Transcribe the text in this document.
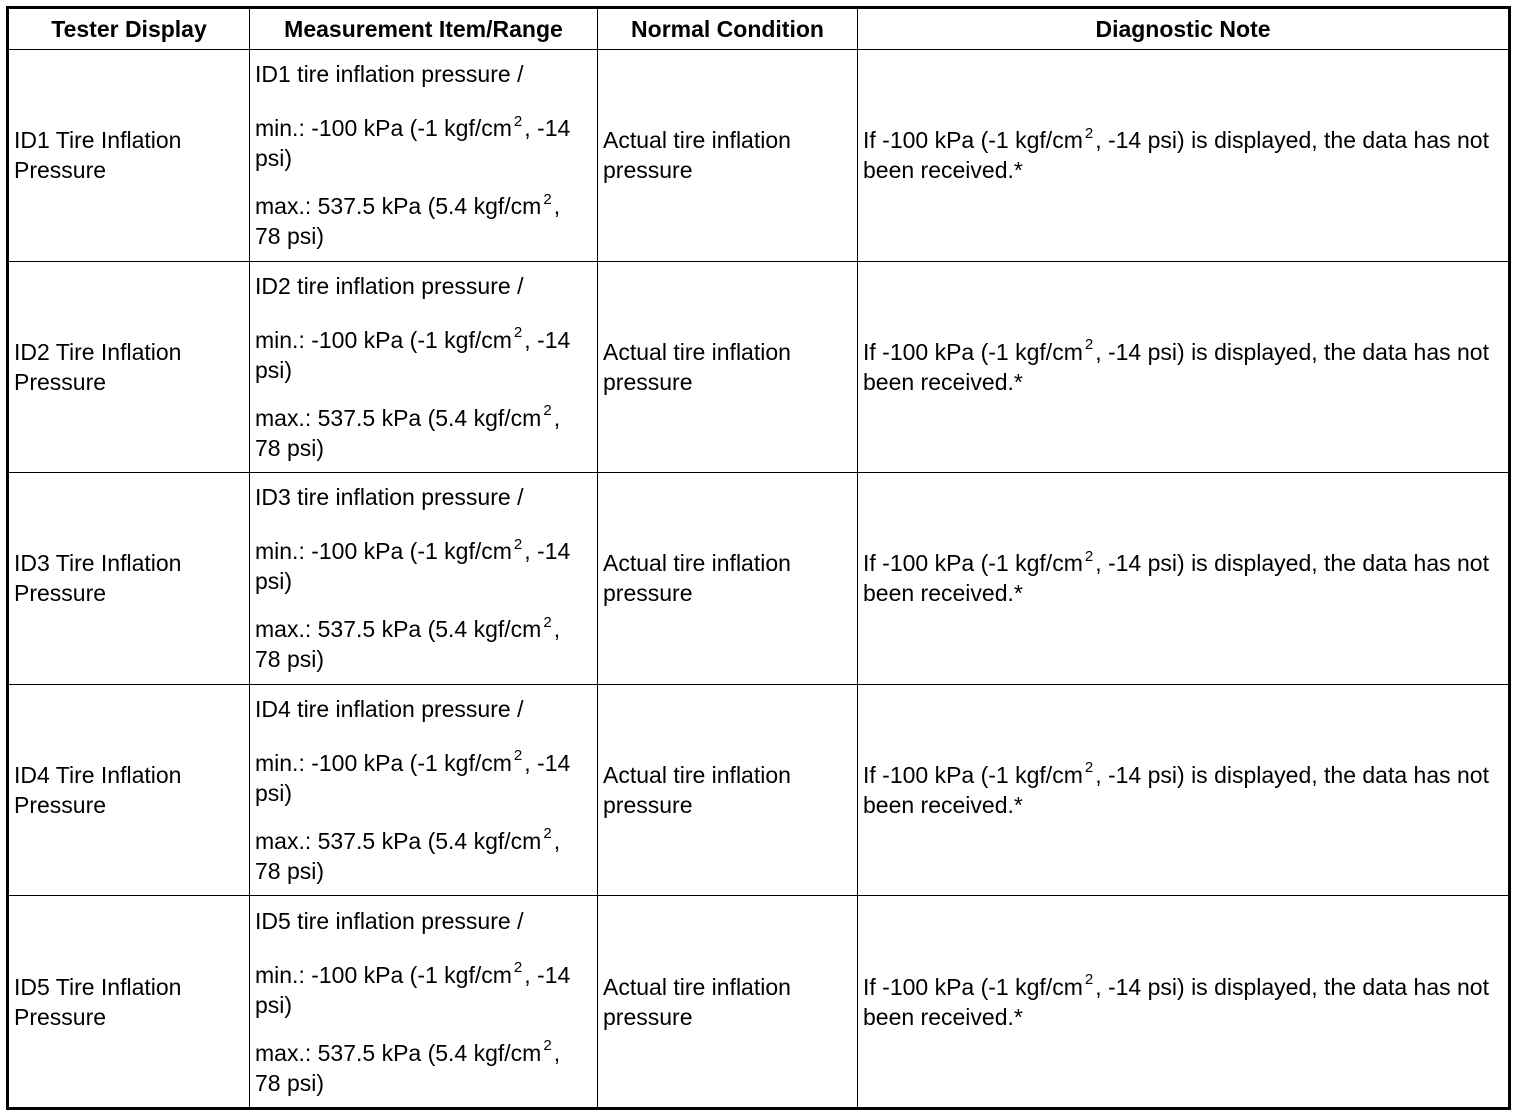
Tester Display	Measurement Item/Range	Normal Condition	Diagnostic Note
ID1 Tire Inflation Pressure	ID1 tire inflation pressure /

min.: -100 kPa (-1 kgf/cm $^2$, -14 psi)

max.: 537.5 kPa (5.4 kgf/cm $^2$, 78 psi)	Actual tire inflation pressure	If -100 kPa (-1 kgf/cm $^2$, -14 psi) is displayed, the data has not been received.*
ID2 Tire Inflation Pressure	ID2 tire inflation pressure /

min.: -100 kPa (-1 kgf/cm $^2$, -14 psi)

max.: 537.5 kPa (5.4 kgf/cm $^2$, 78 psi)	Actual tire inflation pressure	If -100 kPa (-1 kgf/cm $^2$, -14 psi) is displayed, the data has not been received.*
ID3 Tire Inflation Pressure	ID3 tire inflation pressure /

min.: -100 kPa (-1 kgf/cm $^2$, -14 psi)

max.: 537.5 kPa (5.4 kgf/cm $^2$, 78 psi)	Actual tire inflation pressure	If -100 kPa (-1 kgf/cm $^2$, -14 psi) is displayed, the data has not been received.*
ID4 Tire Inflation Pressure	ID4 tire inflation pressure /

min.: -100 kPa (-1 kgf/cm $^2$, -14 psi)

max.: 537.5 kPa (5.4 kgf/cm $^2$, 78 psi)	Actual tire inflation pressure	If -100 kPa (-1 kgf/cm $^2$, -14 psi) is displayed, the data has not been received.*
ID5 Tire Inflation Pressure	ID5 tire inflation pressure /

min.: -100 kPa (-1 kgf/cm $^2$, -14 psi)

max.: 537.5 kPa (5.4 kgf/cm $^2$, 78 psi)	Actual tire inflation pressure	If -100 kPa (-1 kgf/cm $^2$, -14 psi) is displayed, the data has not been received.*
